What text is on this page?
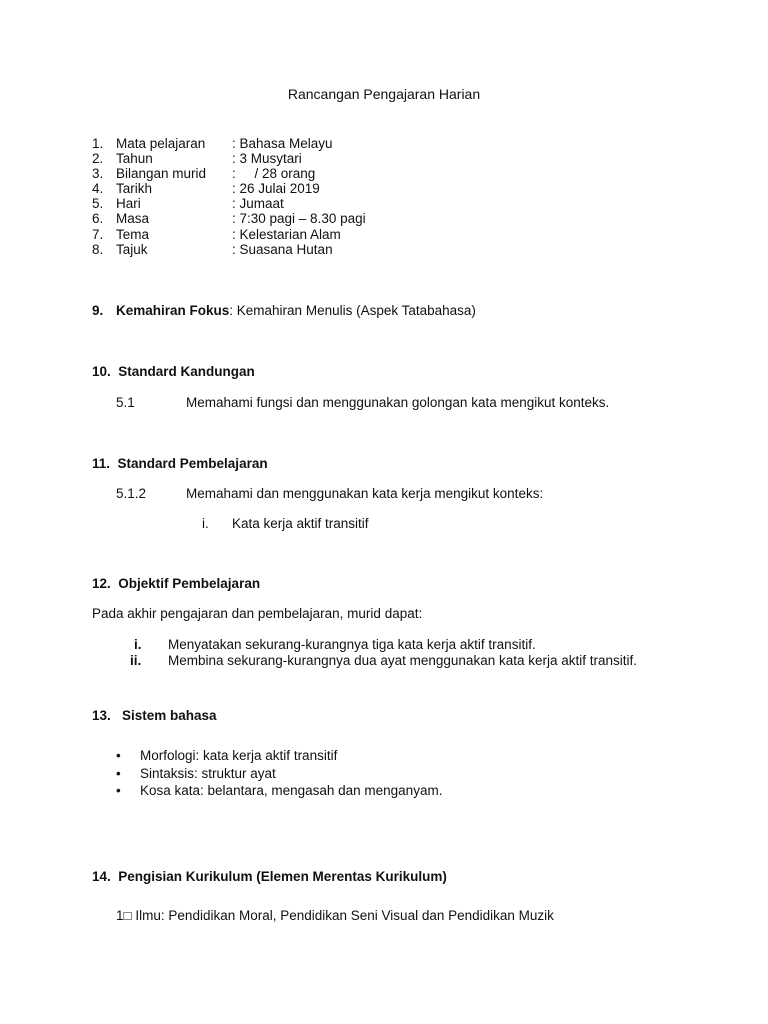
Rancangan Pengajaran Harian
1. Mata pelajaran : Bahasa Melayu
2. Tahun	: 3 Musytari
3. Bilangan murid :     / 28 orang
4. Tarikh	: 26 Julai 2019
5. Hari	: Jumaat
6. Masa	: 7:30 pagi – 8.30 pagi
7. Tema	: Kelestarian Alam
8. Tajuk	: Suasana Hutan
9. Kemahiran Fokus: Kemahiran Menulis (Aspek Tatabahasa)
10.  Standard Kandungan
5.1	Memahami fungsi dan menggunakan golongan kata mengikut konteks.
11.  Standard Pembelajaran
5.1.2	Memahami dan menggunakan kata kerja mengikut konteks:
i. Kata kerja aktif transitif
12.  Objektif Pembelajaran
Pada akhir pengajaran dan pembelajaran, murid dapat:
i. Menyatakan sekurang-kurangnya tiga kata kerja aktif transitif.
ii. Membina sekurang-kurangnya dua ayat menggunakan kata kerja aktif transitif.
13.   Sistem bahasa
• Morfologi: kata kerja aktif transitif
• Sintaksis: struktur ayat
• Kosa kata: belantara, mengasah dan menganyam.
14.  Pengisian Kurikulum (Elemen Merentas Kurikulum)
1□ Ilmu: Pendidikan Moral, Pendidikan Seni Visual dan Pendidikan Muzik
